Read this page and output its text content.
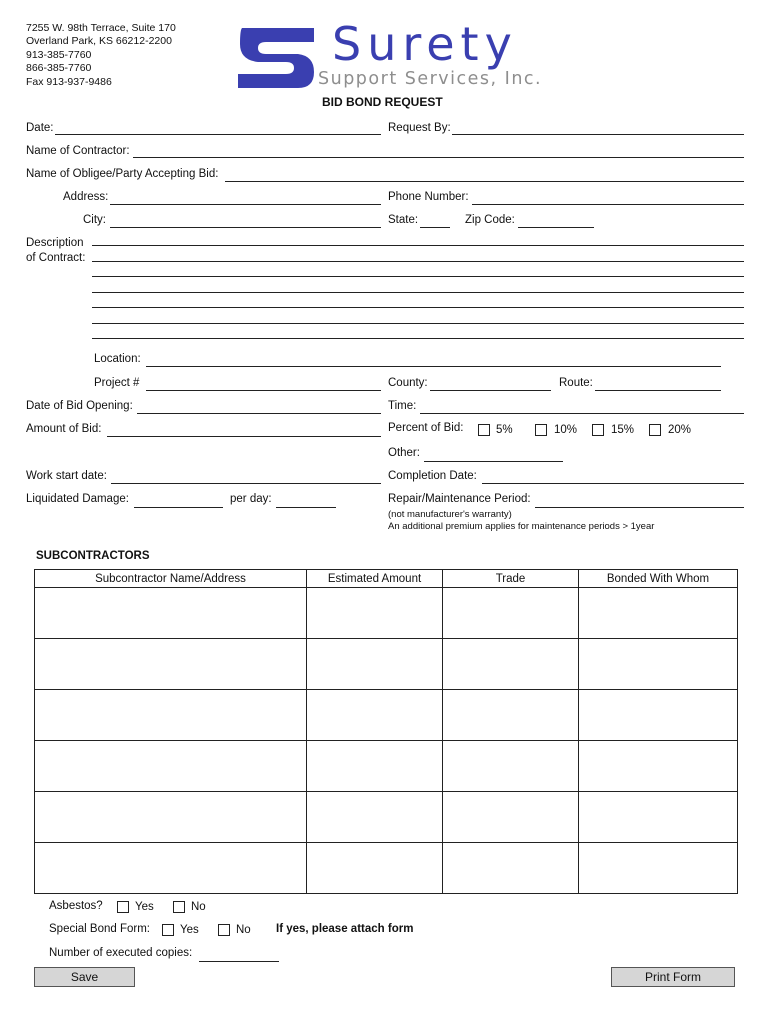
7255 W. 98th Terrace, Suite 170
Overland Park, KS 66212-2200
913-385-7760
866-385-7760
Fax 913-937-9486
Surety
Support Services, Inc.
BID BOND REQUEST
Date:	Request By:
Name of Contractor:
Name of Obligee/Party Accepting Bid:
Address:	Phone Number:
City:	State:	Zip Code:
Description
of Contract:
Location:
Project #	County:	Route:
Date of Bid Opening:	Time:
Amount of Bid:	Percent of Bid:	5%	10%	15%	20%
Other:
Work start date:	Completion Date:
Liquidated Damage:	per day:	Repair/Maintenance Period:
(not manufacturer's warranty)
An additional premium applies for maintenance periods > 1year
SUBCONTRACTORS
Subcontractor Name/Address	Estimated Amount	Trade	Bonded With Whom

Asbestos?	Yes	No
Special Bond Form:	Yes	No If yes, please attach form
Number of executed copies:
Save	Print Form
